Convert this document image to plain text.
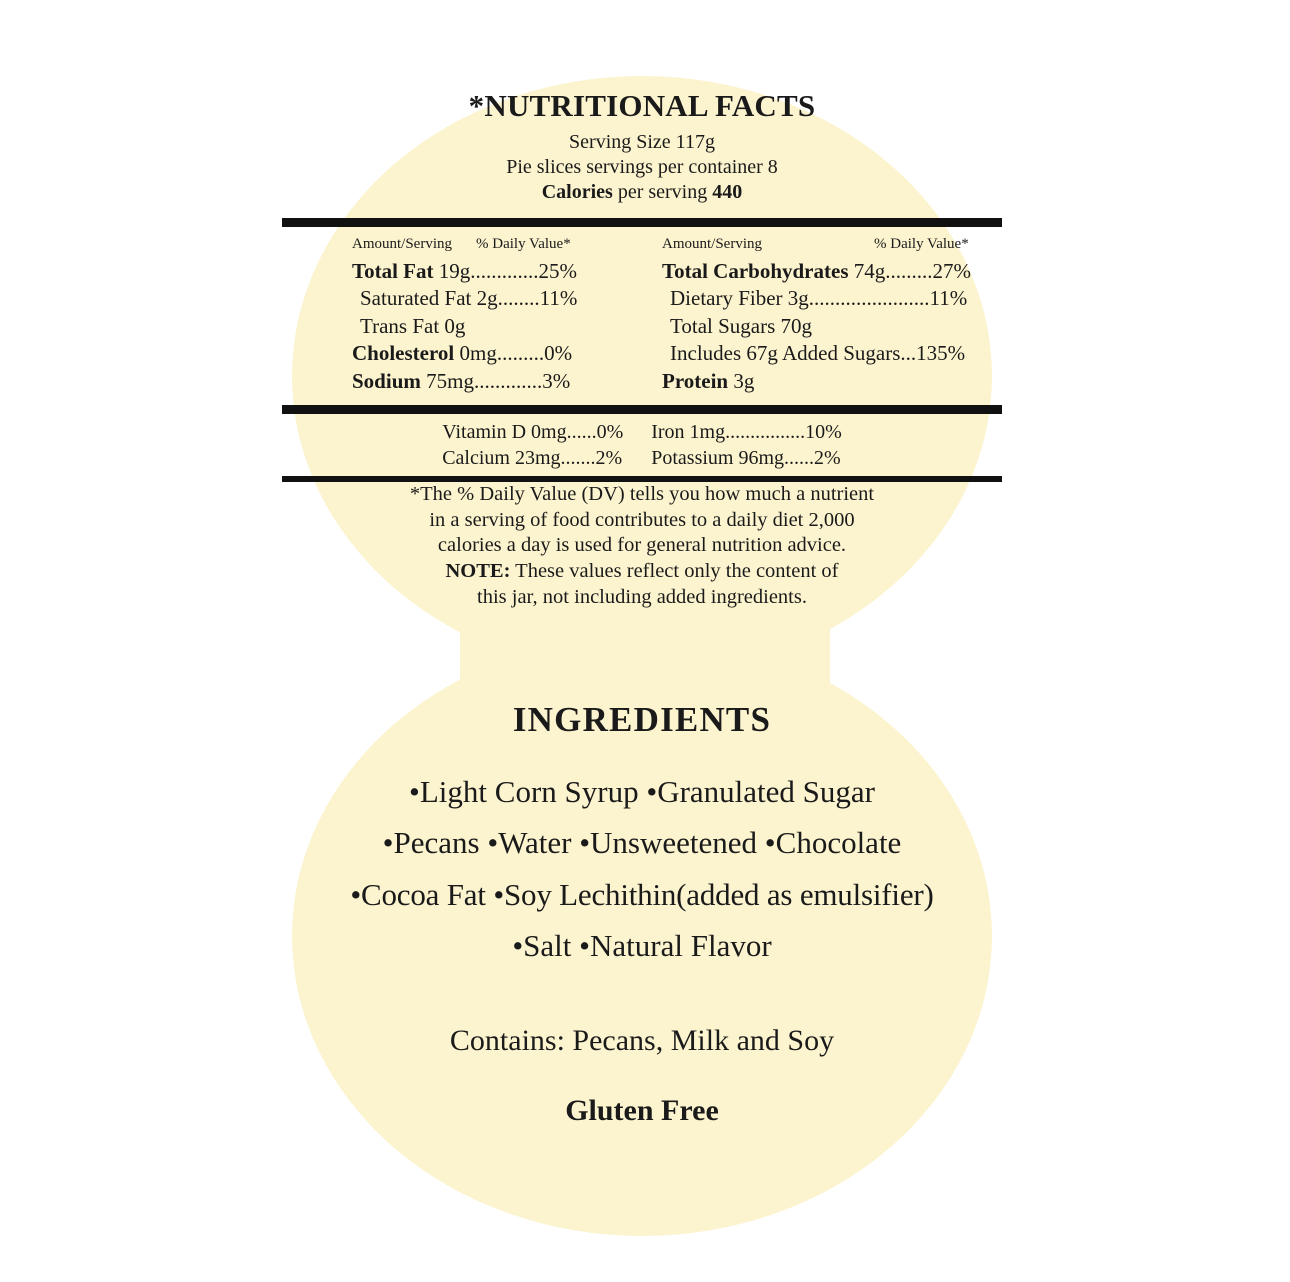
*NUTRITIONAL FACTS
Serving Size 117g
Pie slices servings per container 8
Calories per serving 440
Amount/Serving % Daily Value*
Total Fat 19g.............25%
Saturated Fat 2g........11%
Trans Fat 0g
Cholesterol 0mg.........0%
Sodium 75mg.............3%
Amount/Serving	% Daily Value*
Total Carbohydrates 74g.........27%
Dietary Fiber 3g.......................11%
Total Sugars 70g
Includes 67g Added Sugars...135%
Protein 3g
Vitamin D 0mg......0%
Calcium 23mg.......2%
Iron 1mg................10%
Potassium 96mg......2%
*The % Daily Value (DV) tells you how much a nutrient
in a serving of food contributes to a daily diet 2,000
calories a day is used for general nutrition advice.
NOTE: These values reflect only the content of
this jar, not including added ingredients.
INGREDIENTS
•Light Corn Syrup •Granulated Sugar
•Pecans •Water •Unsweetened •Chocolate
•Cocoa Fat •Soy Lechithin(added as emulsifier)
•Salt •Natural Flavor
Contains: Pecans, Milk and Soy
Gluten Free
